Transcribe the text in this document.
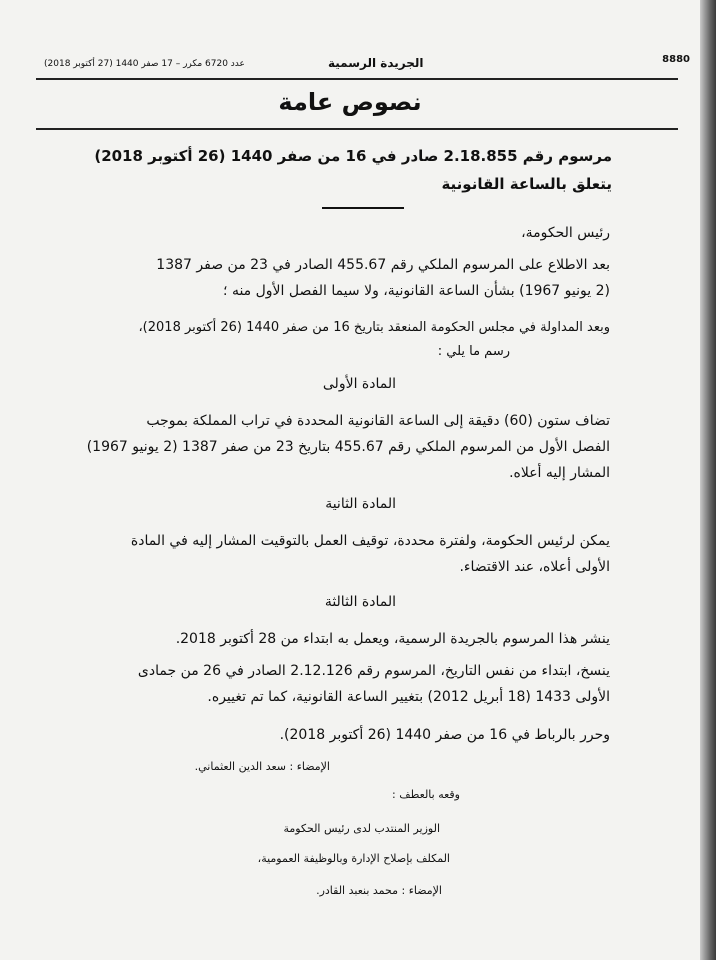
عدد 6720 مكرر – 17 صفر 1440 (27 أكتوبر 2018)	الجريدة الرسمية	8880
نصوص عامة
مرسوم رقم 2.18.855 صادر في 16 من صفر 1440 (26 أكتوبر 2018)
يتعلق بالساعة القانونية
رئيس الحكومة،
بعد الاطلاع على المرسوم الملكي رقم 455.67 الصادر في 23 من صفر 1387
(2 يونيو 1967) بشأن الساعة القانونية، ولا سيما الفصل الأول منه ؛
وبعد المداولة في مجلس الحكومة المنعقد بتاريخ 16 من صفر 1440 (26 أكتوبر 2018)،
رسم ما يلي :
المادة الأولى
تضاف ستون (60) دقيقة إلى الساعة القانونية المحددة في تراب المملكة بموجب
الفصل الأول من المرسوم الملكي رقم 455.67 بتاريخ 23 من صفر 1387 (2 يونيو 1967)
المشار إليه أعلاه.
المادة الثانية
يمكن لرئيس الحكومة، ولفترة محددة، توقيف العمل بالتوقيت المشار إليه في المادة
الأولى أعلاه، عند الاقتضاء.
المادة الثالثة
ينشر هذا المرسوم بالجريدة الرسمية، ويعمل به ابتداء من 28 أكتوبر 2018.
ينسخ، ابتداء من نفس التاريخ، المرسوم رقم 2.12.126 الصادر في 26 من جمادى
الأولى 1433 (18 أبريل 2012) بتغيير الساعة القانونية، كما تم تغييره.
وحرر بالرباط في 16 من صفر 1440 (26 أكتوبر 2018).
الإمضاء : سعد الدين العثماني.
وقعه بالعطف :
الوزير المنتدب لدى رئيس الحكومة
المكلف بإصلاح الإدارة وبالوظيفة العمومية،
الإمضاء : محمد بنعبد القادر.
